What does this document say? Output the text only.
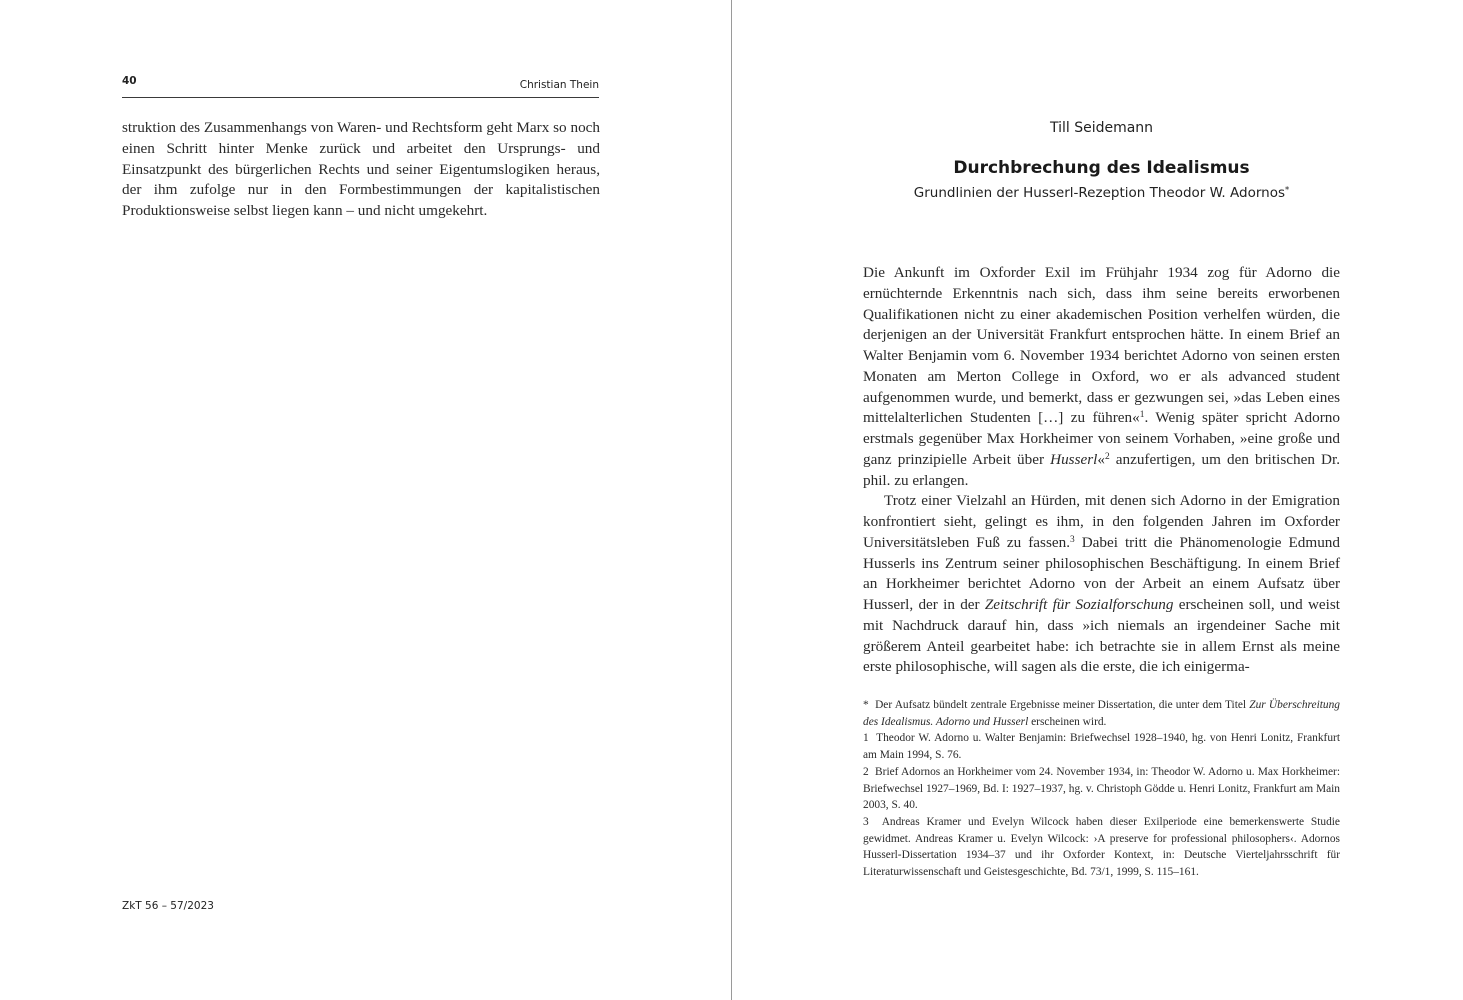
40	Christian Thein

struktion des Zusammenhangs von Waren- und Rechtsform geht Marx so noch einen Schritt hinter Menke zurück und arbeitet den Ursprungs- und Einsatzpunkt des bürgerlichen Rechts und seiner Eigentumslogiken heraus, der ihm zufolge nur in den Formbestimmungen der kapitalistischen Produktionsweise selbst liegen kann – und nicht umgekehrt.

ZkT 56 – 57/2023
Till Seidemann
Durchbrechung des Idealismus
Grundlinien der Husserl-Rezeption Theodor W. Adornos*

Die Ankunft im Oxforder Exil im Frühjahr 1934 zog für Adorno die ernüchternde Erkenntnis nach sich, dass ihm seine bereits erworbenen Qualifikationen nicht zu einer akademischen Position verhelfen würden, die derjenigen an der Universität Frankfurt entsprochen hätte. In einem Brief an Walter Benjamin vom 6. November 1934 berichtet Adorno von seinen ersten Monaten am Merton College in Oxford, wo er als advanced student aufgenommen wurde, und bemerkt, dass er gezwungen sei, »das Leben eines mittelalterlichen Studenten […] zu führen«$^1$. Wenig später spricht Adorno erstmals gegenüber Max Horkheimer von seinem Vorhaben, »eine große und ganz prinzipielle Arbeit über Husserl«$^2$ anzufertigen, um den britischen Dr. phil. zu erlangen.

Trotz einer Vielzahl an Hürden, mit denen sich Adorno in der Emigration konfrontiert sieht, gelingt es ihm, in den folgenden Jahren im Oxforder Universitätsleben Fuß zu fassen.$^3$ Dabei tritt die Phänomenologie Edmund Husserls ins Zentrum seiner philosophischen Beschäftigung. In einem Brief an Horkheimer berichtet Adorno von der Arbeit an einem Aufsatz über Husserl, der in der Zeitschrift für Sozialforschung erscheinen soll, und weist mit Nachdruck darauf hin, dass »ich niemals an irgendeiner Sache mit größerem Anteil gearbeitet habe: ich betrachte sie in allem Ernst als meine erste philosophische, will sagen als die erste, die ich einigerma-

* Der Aufsatz bündelt zentrale Ergebnisse meiner Dissertation, die unter dem Titel Zur Überschreitung des Idealismus. Adorno und Husserl erscheinen wird.

1 Theodor W. Adorno u. Walter Benjamin: Briefwechsel 1928–1940, hg. von Henri Lonitz, Frankfurt am Main 1994, S. 76.

2 Brief Adornos an Horkheimer vom 24. November 1934, in: Theodor W. Adorno u. Max Horkheimer: Briefwechsel 1927–1969, Bd. I: 1927–1937, hg. v. Christoph Gödde u. Henri Lonitz, Frankfurt am Main 2003, S. 40.

3 Andreas Kramer und Evelyn Wilcock haben dieser Exilperiode eine bemerkenswerte Studie gewidmet. Andreas Kramer u. Evelyn Wilcock: ›A preserve for professional philosophers‹. Adornos Husserl-Dissertation 1934–37 und ihr Oxforder Kontext, in: Deutsche Vierteljahrsschrift für Literaturwissenschaft und Geistesgeschichte, Bd. 73/1, 1999, S. 115–161.
